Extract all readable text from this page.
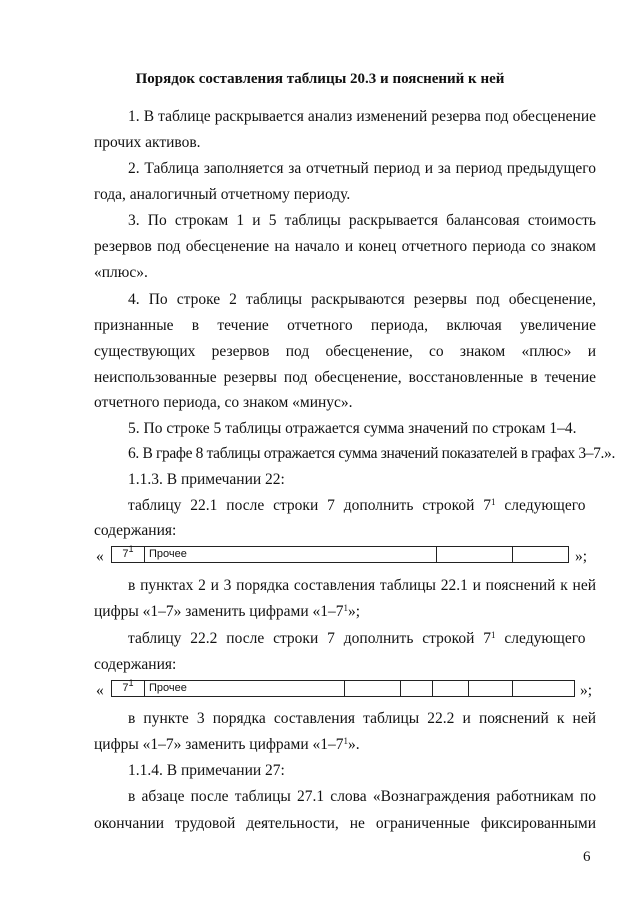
Порядок составления таблицы 20.3 и пояснений к ней
1. В таблице раскрывается анализ изменений резерва под обесценение
прочих активов.
2. Таблица заполняется за отчетный период и за период предыдущего
года, аналогичный отчетному периоду.
3. По строкам 1 и 5 таблицы раскрывается балансовая стоимость
резервов под обесценение на начало и конец отчетного периода со знаком
«плюс».
4. По строке 2 таблицы раскрываются резервы под обесценение,
признанные в течение отчетного периода, включая увеличение
существующих резервов под обесценение, со знаком «плюс» и
неиспользованные резервы под обесценение, восстановленные в течение
отчетного периода, со знаком «минус».
5. По строке 5 таблицы отражается сумма значений по строкам 1–4.
6. В графе 8 таблицы отражается сумма значений показателей в графах 3–7.».
1.1.3. В примечании 22:
таблицу 22.1 после строки 7 дополнить строкой $7^1$ следующего
содержания:
«	$7^1$	Прочее	»;
в пунктах 2 и 3 порядка составления таблицы 22.1 и пояснений к ней
цифры «1–7» заменить цифрами «$1-7^1$»;
таблицу 22.2 после строки 7 дополнить строкой $7^1$ следующего
содержания:
«	$7^1$	Прочее	»;
в пункте 3 порядка составления таблицы 22.2 и пояснений к ней
цифры «1–7» заменить цифрами «$1-7^1$».
1.1.4. В примечании 27:
в абзаце после таблицы 27.1 слова «Вознаграждения работникам по
окончании трудовой деятельности, не ограниченные фиксированными
6
